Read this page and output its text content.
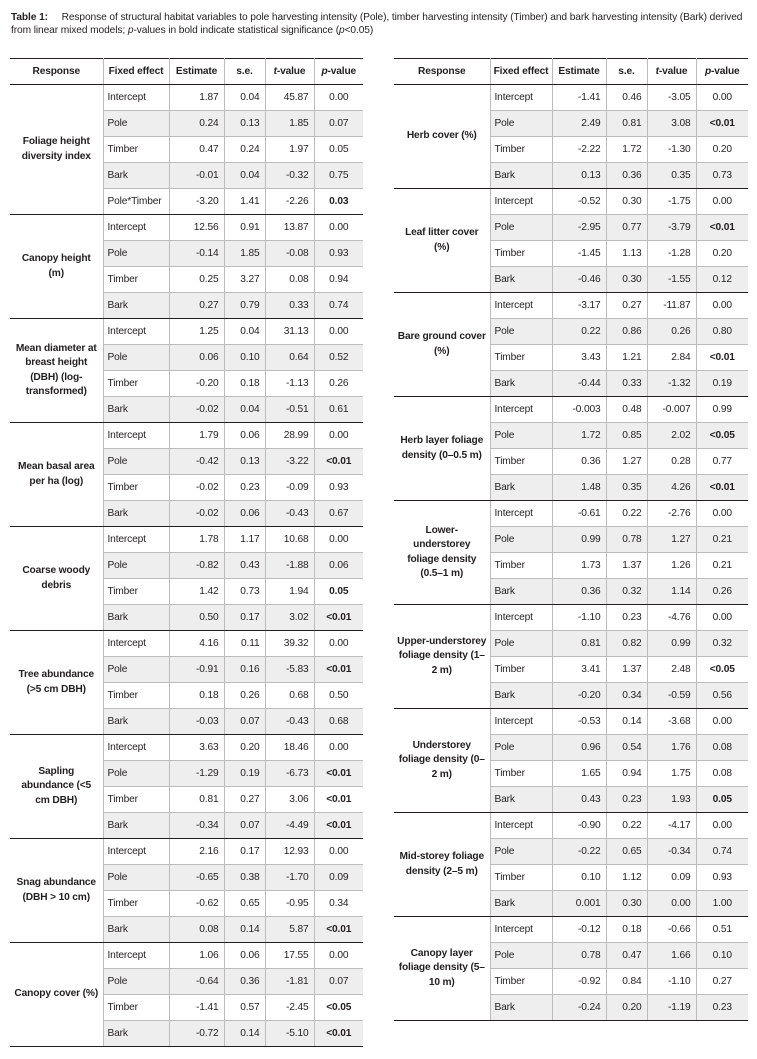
Table 1: Response of structural habitat variables to pole harvesting intensity (Pole), timber harvesting intensity (Timber) and bark harvesting intensity (Bark) derived from linear mixed models; p-values in bold indicate statistical significance (p<0.05)
Response	Fixed effect	Estimate	s.e.	t-value	p-value
Foliage height diversity index	Intercept	1.87	0.04	45.87	0.00
	Pole	0.24	0.13	1.85	0.07
	Timber	0.47	0.24	1.97	0.05
	Bark	-0.01	0.04	-0.32	0.75
	Pole*Timber	-3.20	1.41	-2.26	0.03
Canopy height (m)	Intercept	12.56	0.91	13.87	0.00
	Pole	-0.14	1.85	-0.08	0.93
	Timber	0.25	3.27	0.08	0.94
	Bark	0.27	0.79	0.33	0.74
Mean diameter at breast height (DBH) (log-transformed)	Intercept	1.25	0.04	31.13	0.00
	Pole	0.06	0.10	0.64	0.52
	Timber	-0.20	0.18	-1.13	0.26
	Bark	-0.02	0.04	-0.51	0.61
Mean basal area per ha (log)	Intercept	1.79	0.06	28.99	0.00
	Pole	-0.42	0.13	-3.22	<0.01
	Timber	-0.02	0.23	-0.09	0.93
	Bark	-0.02	0.06	-0.43	0.67
Coarse woody debris	Intercept	1.78	1.17	10.68	0.00
	Pole	-0.82	0.43	-1.88	0.06
	Timber	1.42	0.73	1.94	0.05
	Bark	0.50	0.17	3.02	<0.01
Tree abundance (>5 cm DBH)	Intercept	4.16	0.11	39.32	0.00
	Pole	-0.91	0.16	-5.83	<0.01
	Timber	0.18	0.26	0.68	0.50
	Bark	-0.03	0.07	-0.43	0.68
Sapling abundance (<5 cm DBH)	Intercept	3.63	0.20	18.46	0.00
	Pole	-1.29	0.19	-6.73	<0.01
	Timber	0.81	0.27	3.06	<0.01
	Bark	-0.34	0.07	-4.49	<0.01
Snag abundance (DBH > 10 cm)	Intercept	2.16	0.17	12.93	0.00
	Pole	-0.65	0.38	-1.70	0.09
	Timber	-0.62	0.65	-0.95	0.34
	Bark	0.08	0.14	5.87	<0.01
Canopy cover (%)	Intercept	1.06	0.06	17.55	0.00
	Pole	-0.64	0.36	-1.81	0.07
	Timber	-1.41	0.57	-2.45	<0.05
	Bark	-0.72	0.14	-5.10	<0.01
Response	Fixed effect	Estimate	s.e.	t-value	p-value
Herb cover (%)	Intercept	-1.41	0.46	-3.05	0.00
	Pole	2.49	0.81	3.08	<0.01
	Timber	-2.22	1.72	-1.30	0.20
	Bark	0.13	0.36	0.35	0.73
Leaf litter cover (%)	Intercept	-0.52	0.30	-1.75	0.00
	Pole	-2.95	0.77	-3.79	<0.01
	Timber	-1.45	1.13	-1.28	0.20
	Bark	-0.46	0.30	-1.55	0.12
Bare ground cover (%)	Intercept	-3.17	0.27	-11.87	0.00
	Pole	0.22	0.86	0.26	0.80
	Timber	3.43	1.21	2.84	<0.01
	Bark	-0.44	0.33	-1.32	0.19
Herb layer foliage density (0–0.5 m)	Intercept	-0.003	0.48	-0.007	0.99
	Pole	1.72	0.85	2.02	<0.05
	Timber	0.36	1.27	0.28	0.77
	Bark	1.48	0.35	4.26	<0.01
Lower-understorey foliage density (0.5–1 m)	Intercept	-0.61	0.22	-2.76	0.00
	Pole	0.99	0.78	1.27	0.21
	Timber	1.73	1.37	1.26	0.21
	Bark	0.36	0.32	1.14	0.26
Upper-understorey foliage density (1–2 m)	Intercept	-1.10	0.23	-4.76	0.00
	Pole	0.81	0.82	0.99	0.32
	Timber	3.41	1.37	2.48	<0.05
	Bark	-0.20	0.34	-0.59	0.56
Understorey foliage density (0–2 m)	Intercept	-0.53	0.14	-3.68	0.00
	Pole	0.96	0.54	1.76	0.08
	Timber	1.65	0.94	1.75	0.08
	Bark	0.43	0.23	1.93	0.05
Mid-storey foliage density (2–5 m)	Intercept	-0.90	0.22	-4.17	0.00
	Pole	-0.22	0.65	-0.34	0.74
	Timber	0.10	1.12	0.09	0.93
	Bark	0.001	0.30	0.00	1.00
Canopy layer foliage density (5–10 m)	Intercept	-0.12	0.18	-0.66	0.51
	Pole	0.78	0.47	1.66	0.10
	Timber	-0.92	0.84	-1.10	0.27
	Bark	-0.24	0.20	-1.19	0.23
